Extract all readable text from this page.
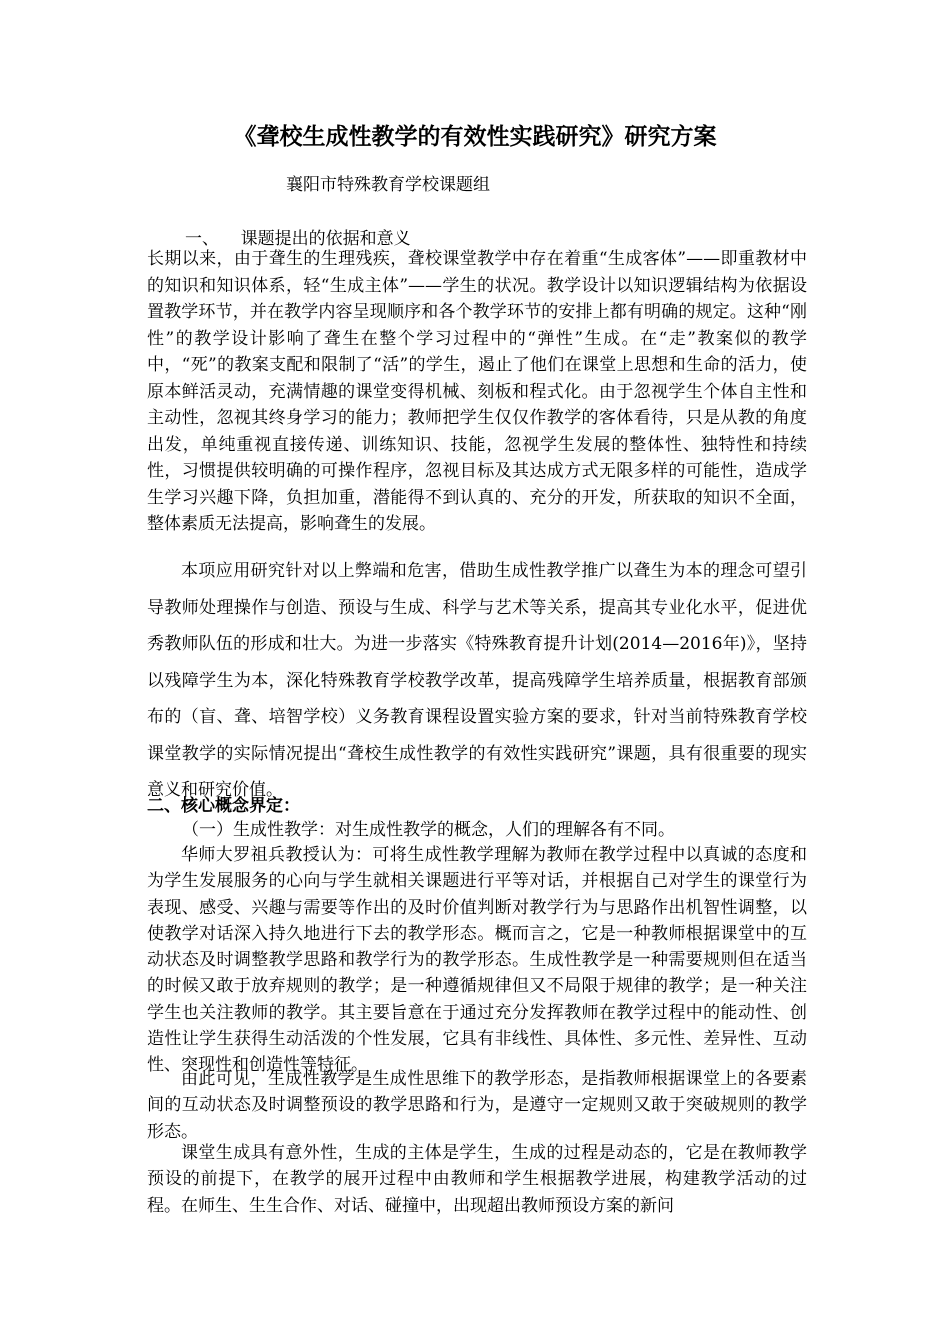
《聋校生成性教学的有效性实践研究》研究方案
襄阳市特殊教育学校课题组
一、    课题提出的依据和意义

长期以来，由于聋生的生理残疾，聋校课堂教学中存在着重“生成客体”——即重教材中的知识和知识体系，轻“生成主体”——学生的状况。教学设计以知识逻辑结构为依据设置教学环节，并在教学内容呈现顺序和各个教学环节的安排上都有明确的规定。这种“刚性”的教学设计影响了聋生在整个学习过程中的“弹性”生成。在“走”教案似的教学中，“死”的教案支配和限制了“活”的学生，遏止了他们在课堂上思想和生命的活力，使原本鲜活灵动，充满情趣的课堂变得机械、刻板和程式化。由于忽视学生个体自主性和主动性，忽视其终身学习的能力；教师把学生仅仅作教学的客体看待，只是从教的角度出发，单纯重视直接传递、训练知识、技能，忽视学生发展的整体性、独特性和持续性，习惯提供较明确的可操作程序，忽视目标及其达成方式无限多样的可能性，造成学生学习兴趣下降，负担加重，潜能得不到认真的、充分的开发，所获取的知识不全面，整体素质无法提高，影响聋生的发展。

本项应用研究针对以上弊端和危害，借助生成性教学推广以聋生为本的理念可望引导教师处理操作与创造、预设与生成、科学与艺术等关系，提高其专业化水平，促进优秀教师队伍的形成和壮大。为进一步落实《特殊教育提升计划(2014—2016年)》，坚持以残障学生为本，深化特殊教育学校教学改革，提高残障学生培养质量，根据教育部颁布的（盲、聋、培智学校）义务教育课程设置实验方案的要求，针对当前特殊教育学校课堂教学的实际情况提出“聋校生成性教学的有效性实践研究”课题，具有很重要的现实意义和研究价值。

二、核心概念界定：
（一）生成性教学：对生成性教学的概念，人们的理解各有不同。

华师大罗祖兵教授认为：可将生成性教学理解为教师在教学过程中以真诚的态度和为学生发展服务的心向与学生就相关课题进行平等对话，并根据自己对学生的课堂行为表现、感受、兴趣与需要等作出的及时价值判断对教学行为与思路作出机智性调整，以使教学对话深入持久地进行下去的教学形态。概而言之，它是一种教师根据课堂中的互动状态及时调整教学思路和教学行为的教学形态。生成性教学是一种需要规则但在适当的时候又敢于放弃规则的教学；是一种遵循规律但又不局限于规律的教学；是一种关注学生也关注教师的教学。其主要旨意在于通过充分发挥教师在教学过程中的能动性、创造性让学生获得生动活泼的个性发展，它具有非线性、具体性、多元性、差异性、互动性、突现性和创造性等特征。

由此可见，生成性教学是生成性思维下的教学形态，是指教师根据课堂上的各要素间的互动状态及时调整预设的教学思路和行为，是遵守一定规则又敢于突破规则的教学形态。

课堂生成具有意外性，生成的主体是学生，生成的过程是动态的，它是在教师教学预设的前提下，在教学的展开过程中由教师和学生根据教学进展，构建教学活动的过程。在师生、生生合作、对话、碰撞中，出现超出教师预设方案的新问
